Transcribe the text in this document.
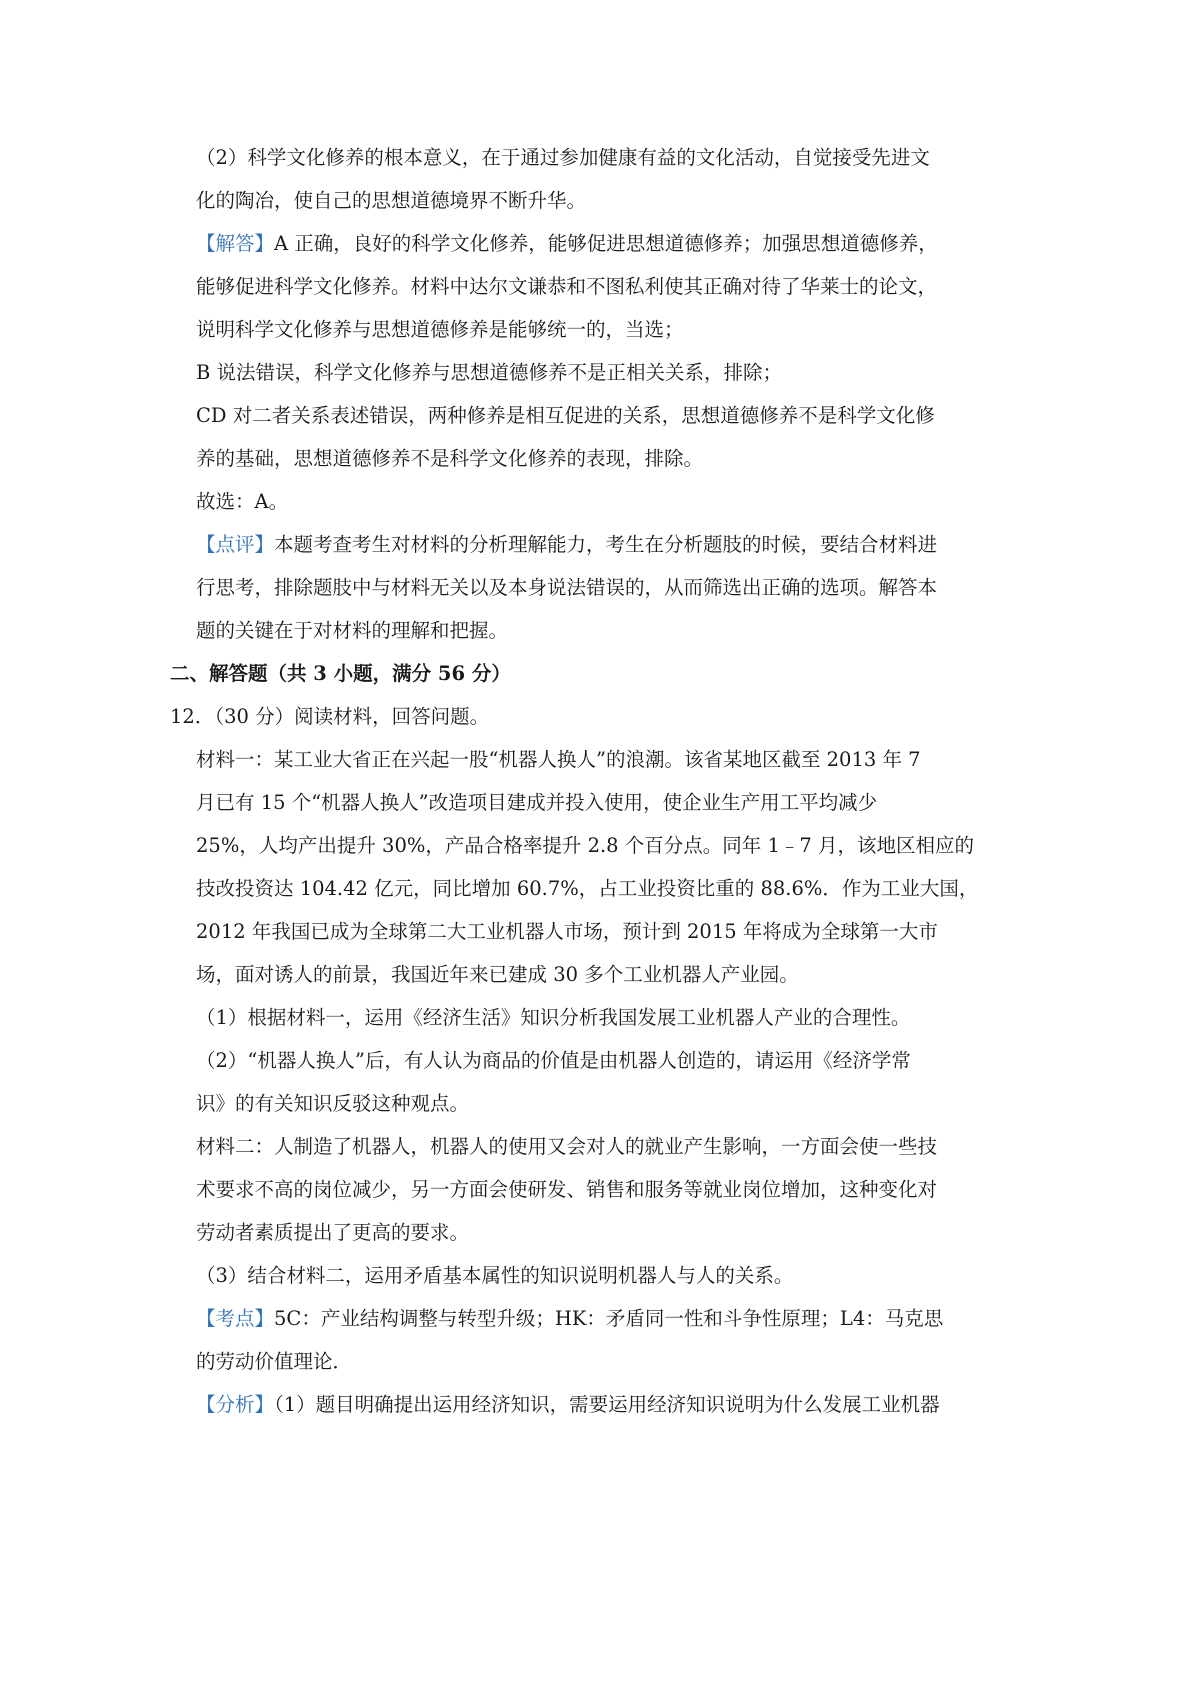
（2）科学文化修养的根本意义，在于通过参加健康有益的文化活动，自觉接受先进文
化的陶冶，使自己的思想道德境界不断升华。
【解答】A 正确，良好的科学文化修养，能够促进思想道德修养；加强思想道德修养，
能够促进科学文化修养。材料中达尔文谦恭和不图私利使其正确对待了华莱士的论文，
说明科学文化修养与思想道德修养是能够统一的，当选；
B 说法错误，科学文化修养与思想道德修养不是正相关关系，排除；
CD 对二者关系表述错误，两种修养是相互促进的关系，思想道德修养不是科学文化修
养的基础，思想道德修养不是科学文化修养的表现，排除。
故选：A。
【点评】本题考查考生对材料的分析理解能力，考生在分析题肢的时候，要结合材料进
行思考，排除题肢中与材料无关以及本身说法错误的，从而筛选出正确的选项。解答本
题的关键在于对材料的理解和把握。
二、解答题（共 3 小题，满分 56 分）
12．（30 分）阅读材料，回答问题。
材料一：某工业大省正在兴起一股“机器人换人”的浪潮。该省某地区截至 2013 年 7
月已有 15 个“机器人换人”改造项目建成并投入使用，使企业生产用工平均减少
25%，人均产出提升 30%，产品合格率提升 2.8 个百分点。同年 1﹣7 月，该地区相应的
技改投资达 104.42 亿元，同比增加 60.7%，占工业投资比重的 88.6%．作为工业大国，
2012 年我国已成为全球第二大工业机器人市场，预计到 2015 年将成为全球第一大市
场，面对诱人的前景，我国近年来已建成 30 多个工业机器人产业园。
（1）根据材料一，运用《经济生活》知识分析我国发展工业机器人产业的合理性。
（2）“机器人换人”后，有人认为商品的价值是由机器人创造的，请运用《经济学常
识》的有关知识反驳这种观点。
材料二：人制造了机器人，机器人的使用又会对人的就业产生影响，一方面会使一些技
术要求不高的岗位减少，另一方面会使研发、销售和服务等就业岗位增加，这种变化对
劳动者素质提出了更高的要求。
（3）结合材料二，运用矛盾基本属性的知识说明机器人与人的关系。
【考点】5C：产业结构调整与转型升级；HK：矛盾同一性和斗争性原理；L4：马克思
的劳动价值理论．
【分析】（1）题目明确提出运用经济知识，需要运用经济知识说明为什么发展工业机器
